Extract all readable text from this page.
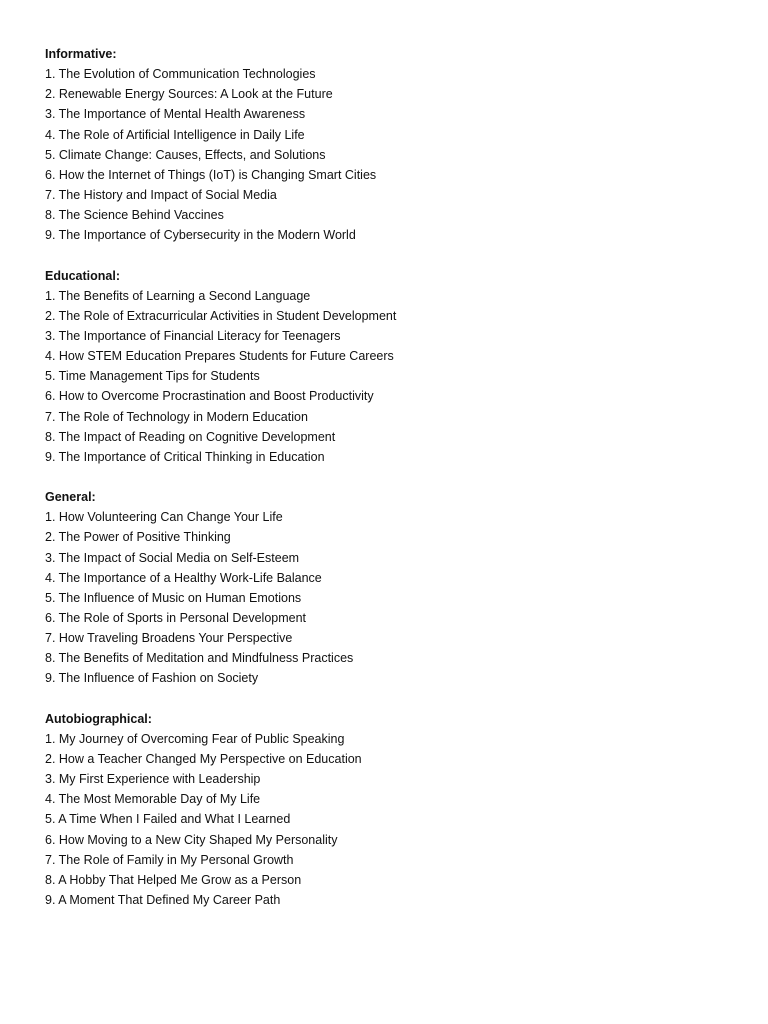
Informative:
1. The Evolution of Communication Technologies
2. Renewable Energy Sources: A Look at the Future
3. The Importance of Mental Health Awareness
4. The Role of Artificial Intelligence in Daily Life
5. Climate Change: Causes, Effects, and Solutions
6. How the Internet of Things (IoT) is Changing Smart Cities
7. The History and Impact of Social Media
8. The Science Behind Vaccines
9. The Importance of Cybersecurity in the Modern World
Educational:
1. The Benefits of Learning a Second Language
2. The Role of Extracurricular Activities in Student Development
3. The Importance of Financial Literacy for Teenagers
4. How STEM Education Prepares Students for Future Careers
5. Time Management Tips for Students
6. How to Overcome Procrastination and Boost Productivity
7. The Role of Technology in Modern Education
8. The Impact of Reading on Cognitive Development
9. The Importance of Critical Thinking in Education
General:
1. How Volunteering Can Change Your Life
2. The Power of Positive Thinking
3. The Impact of Social Media on Self-Esteem
4. The Importance of a Healthy Work-Life Balance
5. The Influence of Music on Human Emotions
6. The Role of Sports in Personal Development
7. How Traveling Broadens Your Perspective
8. The Benefits of Meditation and Mindfulness Practices
9. The Influence of Fashion on Society
Autobiographical:
1. My Journey of Overcoming Fear of Public Speaking
2. How a Teacher Changed My Perspective on Education
3. My First Experience with Leadership
4. The Most Memorable Day of My Life
5. A Time When I Failed and What I Learned
6. How Moving to a New City Shaped My Personality
7. The Role of Family in My Personal Growth
8. A Hobby That Helped Me Grow as a Person
9. A Moment That Defined My Career Path
